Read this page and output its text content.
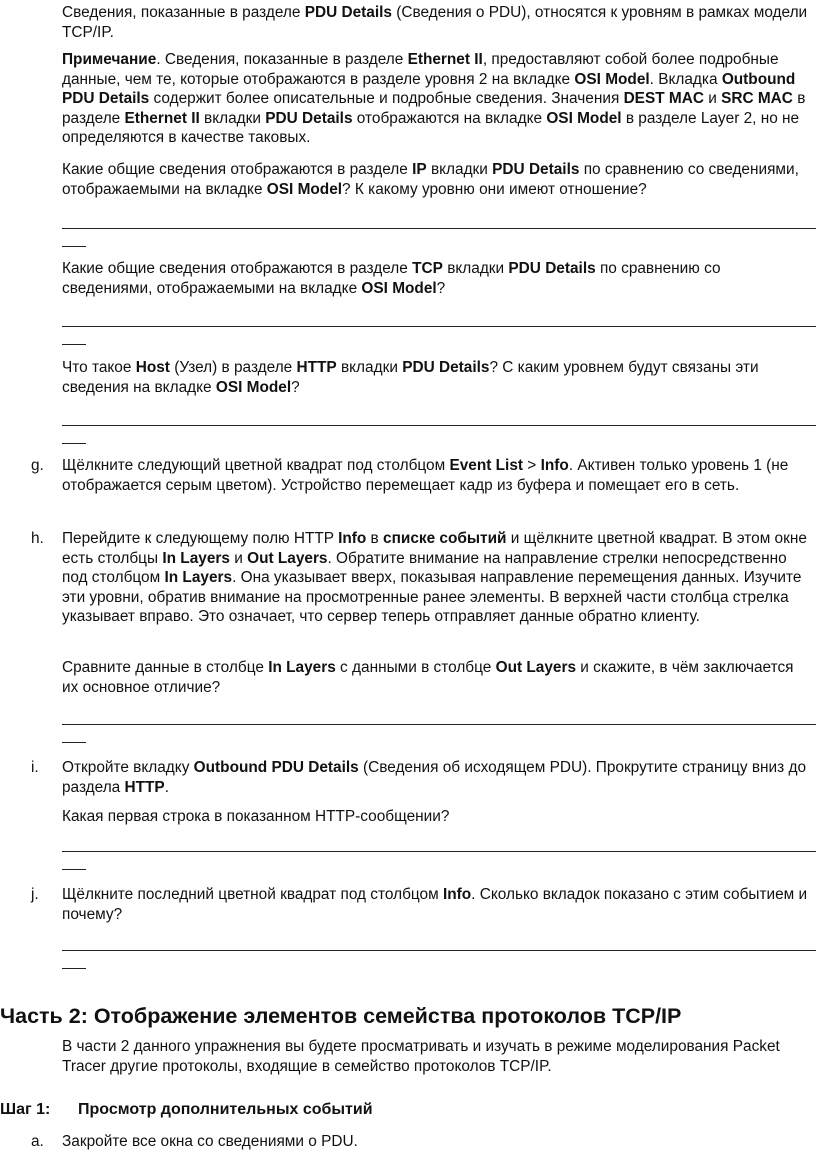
Сведения, показанные в разделе PDU Details (Сведения о PDU), относятся к уровням в рамках модели TCP/IP.

Примечание. Сведения, показанные в разделе Ethernet II, предоставляют собой более подробные данные, чем те, которые отображаются в разделе уровня 2 на вкладке OSI Model. Вкладка Outbound PDU Details содержит более описательные и подробные сведения. Значения DEST MAC и SRC MAC в разделе Ethernet II вкладки PDU Details отображаются на вкладке OSI Model в разделе Layer 2, но не определяются в качестве таковых.

Какие общие сведения отображаются в разделе IP вкладки PDU Details по сравнению со сведениями, отображаемыми на вкладке OSI Model? К какому уровню они имеют отношение?

Какие общие сведения отображаются в разделе TCP вкладки PDU Details по сравнению со сведениями, отображаемыми на вкладке OSI Model?

Что такое Host (Узел) в разделе HTTP вкладки PDU Details? С каким уровнем будут связаны эти сведения на вкладке OSI Model?

g. Щёлкните следующий цветной квадрат под столбцом Event List > Info. Активен только уровень 1 (не отображается серым цветом). Устройство перемещает кадр из буфера и помещает его в сеть.

h. Перейдите к следующему полю HTTP Info в списке событий и щёлкните цветной квадрат. В этом окне есть столбцы In Layers и Out Layers. Обратите внимание на направление стрелки непосредственно под столбцом In Layers. Она указывает вверх, показывая направление перемещения данных. Изучите эти уровни, обратив внимание на просмотренные ранее элементы. В верхней части столбца стрелка указывает вправо. Это означает, что сервер теперь отправляет данные обратно клиенту.

Сравните данные в столбце In Layers с данными в столбце Out Layers и скажите, в чём заключается их основное отличие?

i. Откройте вкладку Outbound PDU Details (Сведения об исходящем PDU). Прокрутите страницу вниз до раздела HTTP.

Какая первая строка в показанном HTTP-сообщении?

j. Щёлкните последний цветной квадрат под столбцом Info. Сколько вкладок показано с этим событием и почему?

Часть 2: Отображение элементов семейства протоколов TCP/IP

В части 2 данного упражнения вы будете просматривать и изучать в режиме моделирования Packet Tracer другие протоколы, входящие в семейство протоколов TCP/IP.

Шаг 1: Просмотр дополнительных событий
a. Закройте все окна со сведениями о PDU.
